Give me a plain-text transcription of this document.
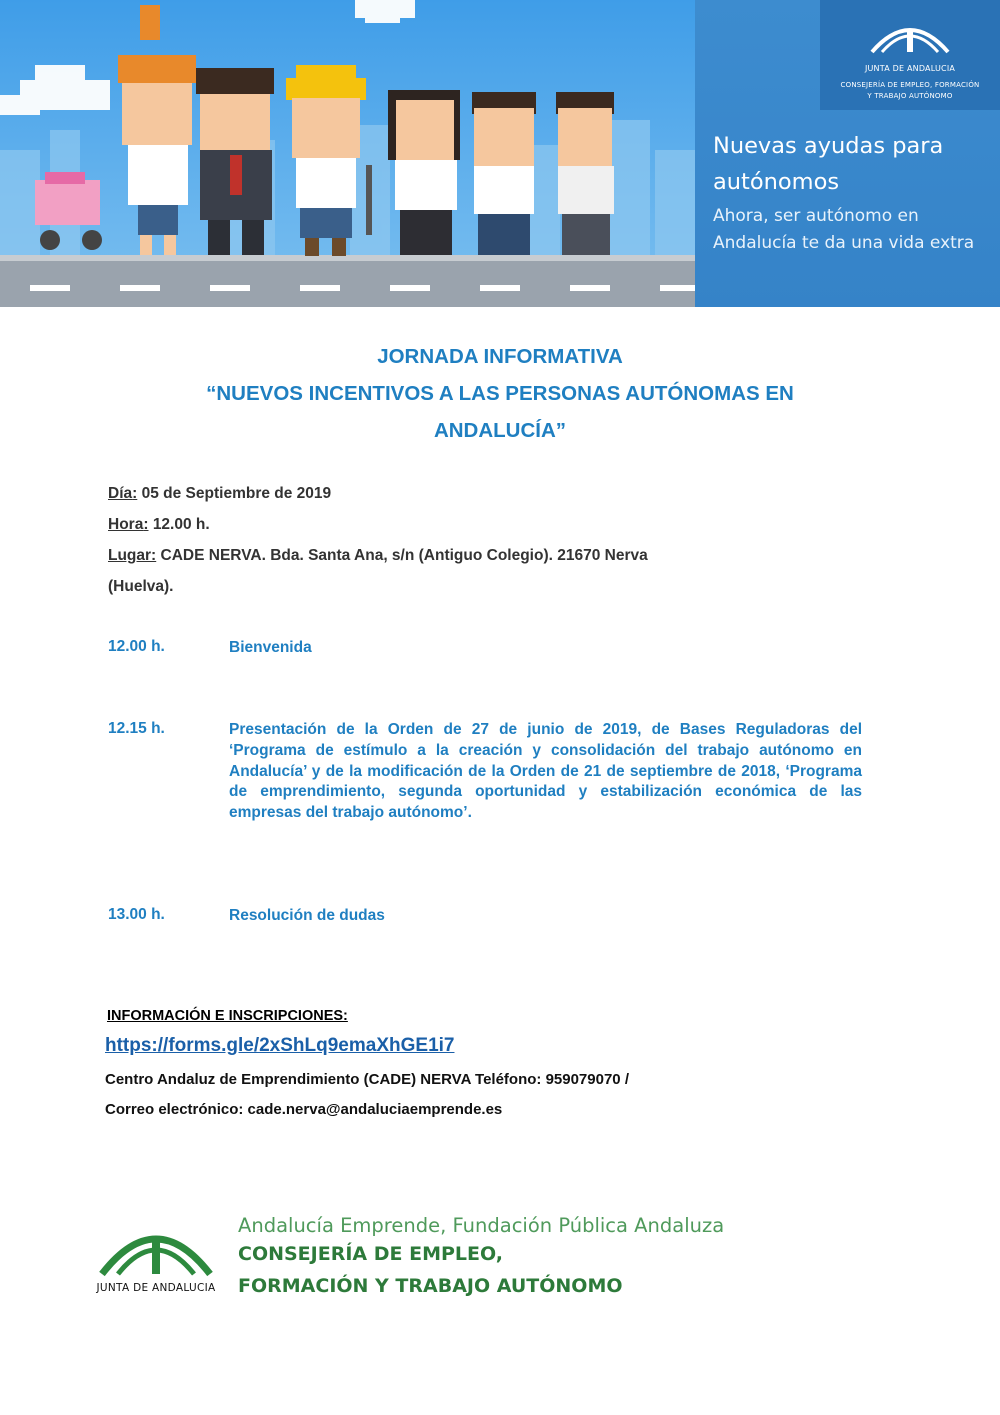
JUNTA DE ANDALUCIA
CONSEJERÍA DE EMPLEO, FORMACIÓN
Y TRABAJO AUTÓNOMO
Nuevas ayudas para
autónomos
Ahora, ser autónomo en
Andalucía te da una vida extra
JORNADA INFORMATIVA
“NUEVOS INCENTIVOS A LAS PERSONAS AUTÓNOMAS EN
ANDALUCÍA”
Día: 05 de Septiembre de 2019
Hora: 12.00 h.
Lugar: CADE NERVA. Bda. Santa Ana, s/n (Antiguo Colegio). 21670 Nerva
(Huelva).
12.00 h.	Bienvenida
12.15 h.	Presentación de la Orden de 27 de junio de 2019, de Bases Reguladoras del ‘Programa de estímulo a la creación y consolidación del trabajo autónomo en Andalucía’ y de la modificación de la Orden de 21 de septiembre de 2018, ‘Programa de emprendimiento, segunda oportunidad y estabilización económica de las empresas del trabajo autónomo’.
13.00 h.	Resolución de dudas
INFORMACIÓN E INSCRIPCIONES:
https://forms.gle/2xShLq9emaXhGE1i7
Centro Andaluz de Emprendimiento (CADE) NERVA Teléfono: 959079070 /
Correo electrónico: cade.nerva@andaluciaemprende.es
JUNTA DE ANDALUCIA
Andalucía Emprende, Fundación Pública Andaluza
CONSEJERÍA DE EMPLEO,
FORMACIÓN Y TRABAJO AUTÓNOMO
